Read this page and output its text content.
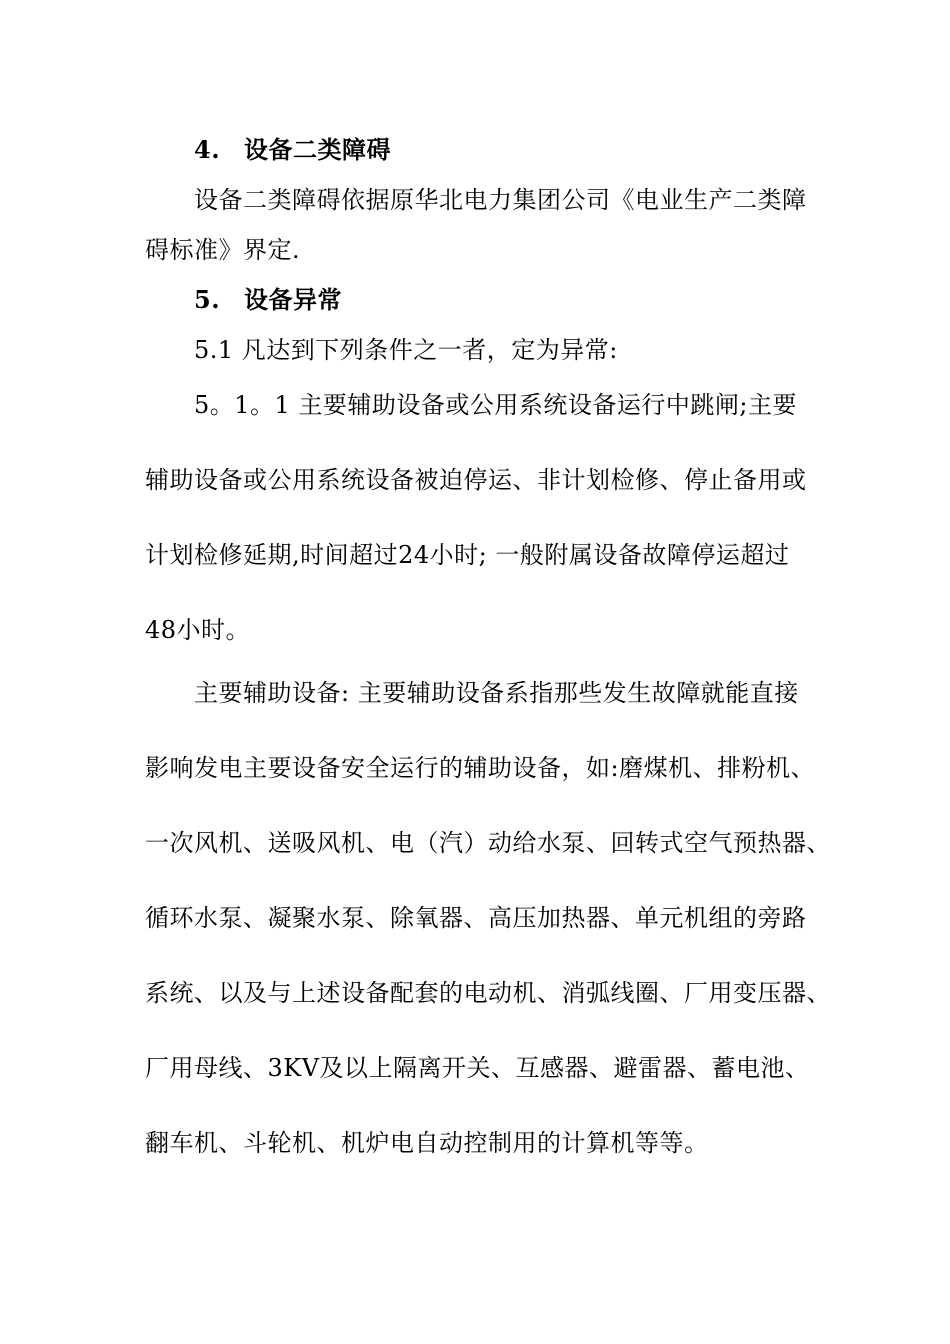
4. 设备二类障碍
设备二类障碍依据原华北电力集团公司《电业生产二类障
碍标准》界定.
5. 设备异常
5.1 凡达到下列条件之一者，定为异常:
5。1。1 主要辅助设备或公用系统设备运行中跳闸;主要
辅助设备或公用系统设备被迫停运、非计划检修、停止备用或
计划检修延期,时间超过24小时; 一般附属设备故障停运超过
48小时。
主要辅助设备: 主要辅助设备系指那些发生故障就能直接
影响发电主要设备安全运行的辅助设备，如:磨煤机、排粉机、
一次风机、送吸风机、电（汽）动给水泵、回转式空气预热器、
循环水泵、凝聚水泵、除氧器、高压加热器、单元机组的旁路
系统、以及与上述设备配套的电动机、消弧线圈、厂用变压器、
厂用母线、3KV及以上隔离开关、互感器、避雷器、蓄电池、
翻车机、斗轮机、机炉电自动控制用的计算机等等。
